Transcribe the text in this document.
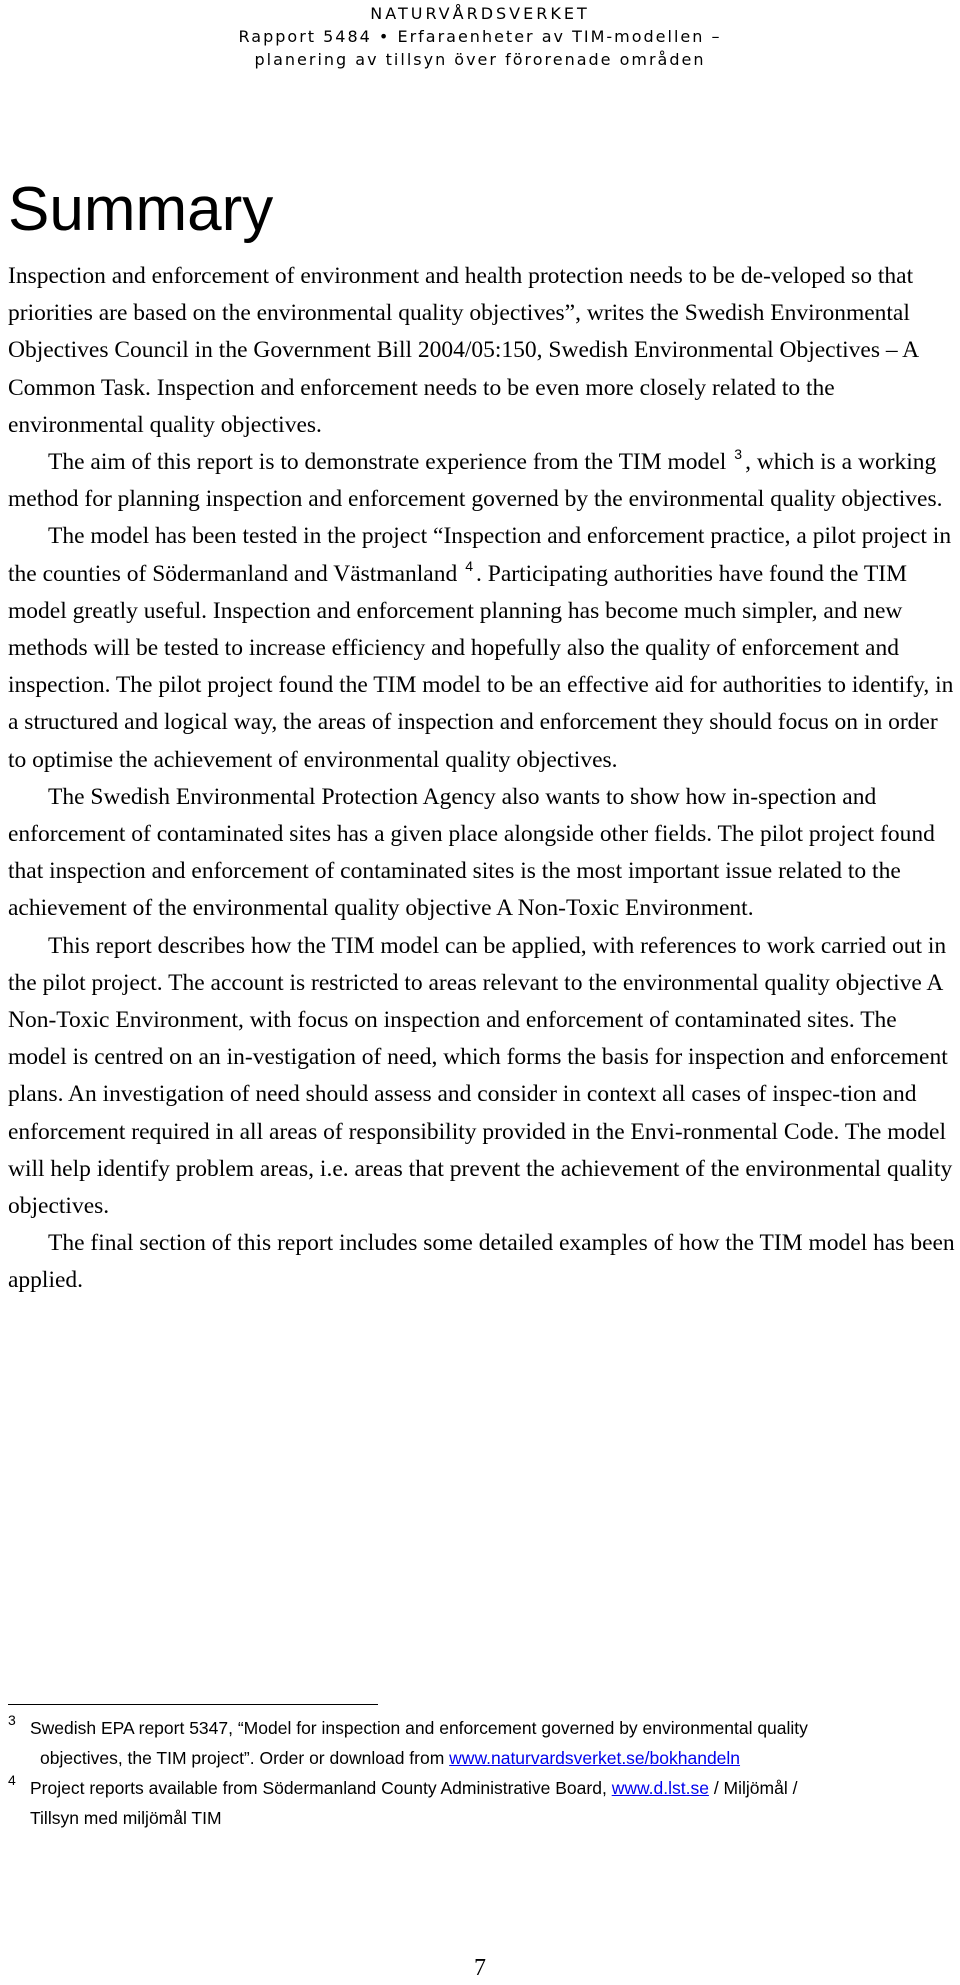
NATURVÅRDSVERKET
Rapport 5484 • Erfaraenheter av TIM-modellen –
planering av tillsyn över förorenade områden
Summary

Inspection and enforcement of environment and health protection needs to be de-veloped so that priorities are based on the environmental quality objectives”, writes the Swedish Environmental Objectives Council in the Government Bill 2004/05:150, Swedish Environmental Objectives – A Common Task. Inspection and enforcement needs to be even more closely related to the environmental quality objectives.

The aim of this report is to demonstrate experience from the TIM model $^3$ , which is a working method for planning inspection and enforcement governed by the environmental quality objectives.

The model has been tested in the project “Inspection and enforcement practice, a pilot project in the counties of Södermanland and Västmanland $^4$ . Participating authorities have found the TIM model greatly useful. Inspection and enforcement planning has become much simpler, and new methods will be tested to increase efficiency and hopefully also the quality of enforcement and inspection. The pilot project found the TIM model to be an effective aid for authorities to identify, in a structured and logical way, the areas of inspection and enforcement they should focus on in order to optimise the achievement of environmental quality objectives.

The Swedish Environmental Protection Agency also wants to show how in-spection and enforcement of contaminated sites has a given place alongside other fields. The pilot project found that inspection and enforcement of contaminated sites is the most important issue related to the achievement of the environmental quality objective A Non-Toxic Environment.

This report describes how the TIM model can be applied, with references to work carried out in the pilot project. The account is restricted to areas relevant to the environmental quality objective A Non-Toxic Environment, with focus on inspection and enforcement of contaminated sites. The model is centred on an in-vestigation of need, which forms the basis for inspection and enforcement plans. An investigation of need should assess and consider in context all cases of inspec-tion and enforcement required in all areas of responsibility provided in the Envi-ronmental Code. The model will help identify problem areas, i.e. areas that prevent the achievement of the environmental quality objectives.

The final section of this report includes some detailed examples of how the TIM model has been applied.

3 Swedish EPA report 5347, “Model for inspection and enforcement governed by environmental quality
objectives, the TIM project”. Order or download from www.naturvardsverket.se/bokhandeln
4 Project reports available from Södermanland County Administrative Board, www.d.lst.se / Miljömål /
Tillsyn med miljömål TIM
7
